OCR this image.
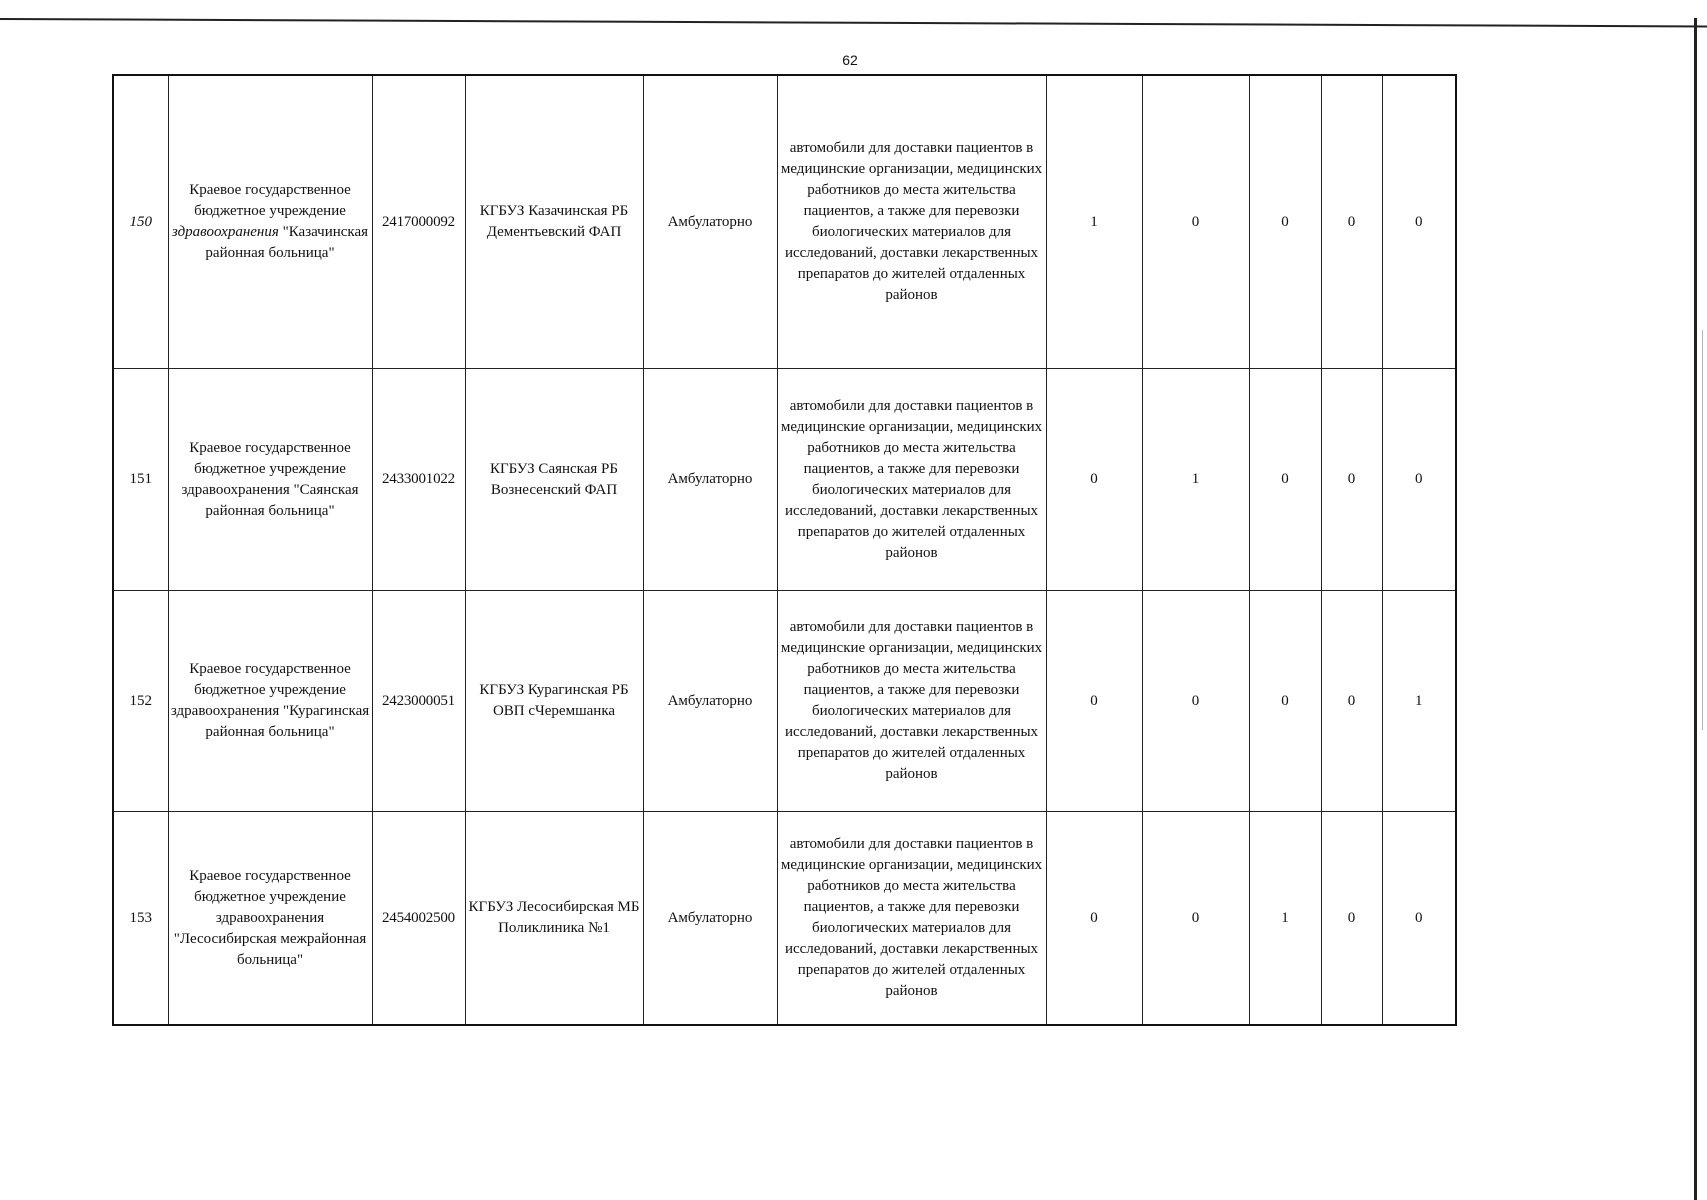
62
150	Краевое государственное бюджетное учреждение здравоохранения "Казачинская районная больница"	2417000092	КГБУЗ Казачинская РБ Дементьевский ФАП	Амбулаторно	автомобили для доставки пациентов в медицинские организации, медицинских работников до места жительства пациентов, а также для перевозки биологических материалов для исследований, доставки лекарственных препаратов до жителей отдаленных районов	1	0	0	0	0
151	Краевое государственное бюджетное учреждение здравоохранения "Саянская районная больница"	2433001022	КГБУЗ Саянская РБ Вознесенский ФАП	Амбулаторно	автомобили для доставки пациентов в медицинские организации, медицинских работников до места жительства пациентов, а также для перевозки биологических материалов для исследований, доставки лекарственных препаратов до жителей отдаленных районов	0	1	0	0	0
152	Краевое государственное бюджетное учреждение здравоохранения "Курагинская районная больница"	2423000051	КГБУЗ Курагинская РБ ОВП сЧеремшанка	Амбулаторно	автомобили для доставки пациентов в медицинские организации, медицинских работников до места жительства пациентов, а также для перевозки биологических материалов для исследований, доставки лекарственных препаратов до жителей отдаленных районов	0	0	0	0	1
153	Краевое государственное бюджетное учреждение здравоохранения "Лесосибирская межрайонная больница"	2454002500	КГБУЗ Лесосибирская МБ Поликлиника №1	Амбулаторно	автомобили для доставки пациентов в медицинские организации, медицинских работников до места жительства пациентов, а также для перевозки биологических материалов для исследований, доставки лекарственных препаратов до жителей отдаленных районов	0	0	1	0	0
